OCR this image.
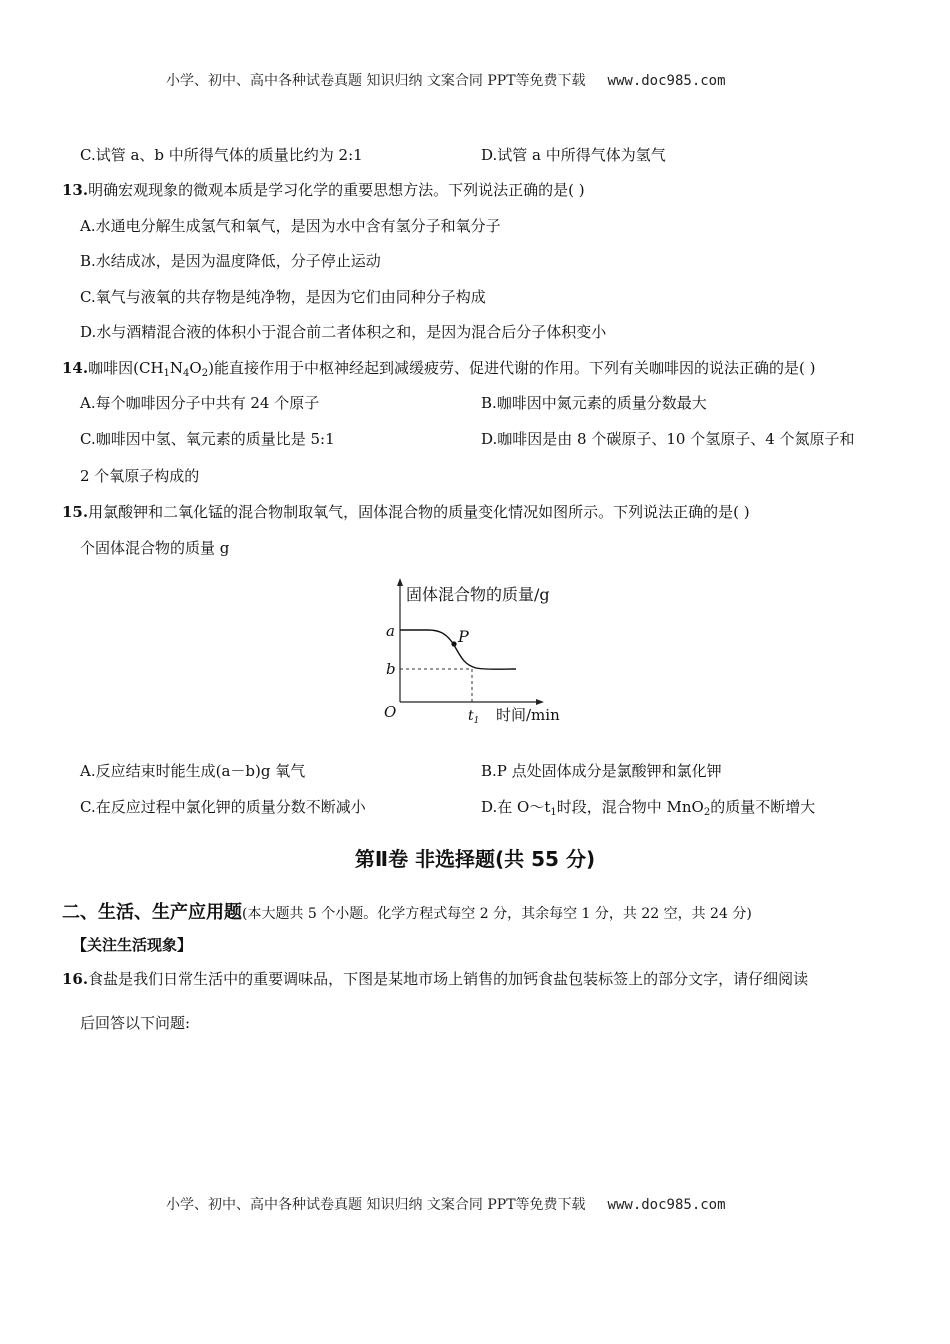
小学、初中、高中各种试卷真题 知识归纳 文案合同 PPT等免费下载 www.doc985.com
C.试管 a、b 中所得气体的质量比约为 2:1	D.试管 a 中所得气体为氢气
13.明确宏观现象的微观本质是学习化学的重要思想方法。下列说法正确的是( )
A.水通电分解生成氢气和氧气，是因为水中含有氢分子和氧分子
B.水结成冰，是因为温度降低，分子停止运动
C.氧气与液氧的共存物是纯净物，是因为它们由同种分子构成
D.水与酒精混合液的体积小于混合前二者体积之和，是因为混合后分子体积变小
14.咖啡因$(CH_1N_4O_2)$能直接作用于中枢神经起到减缓疲劳、促进代谢的作用。下列有关咖啡因的说法正确的是( )
A.每个咖啡因分子中共有 24 个原子	B.咖啡因中氮元素的质量分数最大
C.咖啡因中氢、氧元素的质量比是 5:1	D.咖啡因是由 8 个碳原子、10 个氢原子、4 个氮原子和
2 个氧原子构成的
15.用氯酸钾和二氧化锰的混合物制取氧气，固体混合物的质量变化情况如图所示。下列说法正确的是( )
个固体混合物的质量 g
固体混合物的质量/g
时间/min
O
a
b
$t_1$
P
A.反应结束时能生成(a－b)g 氧气	B.P 点处固体成分是氯酸钾和氯化钾
C.在反应过程中氯化钾的质量分数不断减小	D.在 $O\sim t_1$时段，混合物中 MnO$_2$的质量不断增大
第Ⅱ卷 非选择题(共 55 分)
二、生活、生产应用题(本大题共 5 个小题。化学方程式每空 2 分，其余每空 1 分，共 22 空，共 24 分)
【关注生活现象】
16.食盐是我们日常生活中的重要调味品，下图是某地市场上销售的加钙食盐包装标签上的部分文字，请仔细阅读
后回答以下问题:
小学、初中、高中各种试卷真题 知识归纳 文案合同 PPT等免费下载 www.doc985.com
